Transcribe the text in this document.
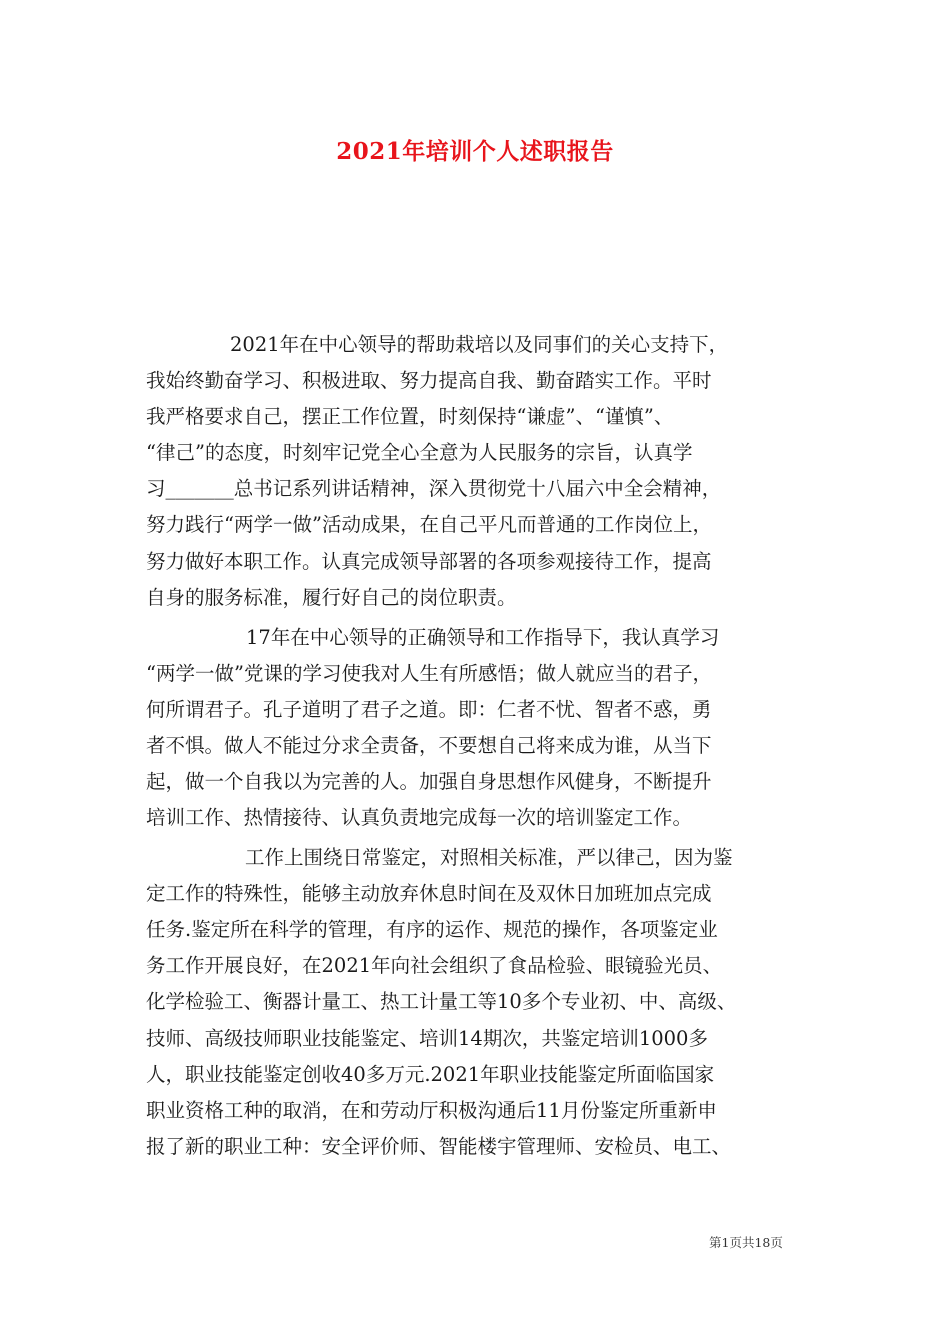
2021年培训个人述职报告
2021年在中心领导的帮助栽培以及同事们的关心支持下，
我始终勤奋学习、积极进取、努力提高自我、勤奋踏实工作。平时
我严格要求自己，摆正工作位置，时刻保持“谦虚”、“谨慎”、
“律己”的态度，时刻牢记党全心全意为人民服务的宗旨，认真学
习_______总书记系列讲话精神，深入贯彻党十八届六中全会精神，
努力践行“两学一做”活动成果，在自己平凡而普通的工作岗位上，
努力做好本职工作。认真完成领导部署的各项参观接待工作，提高
自身的服务标准，履行好自己的岗位职责。
17年在中心领导的正确领导和工作指导下，我认真学习
“两学一做”党课的学习使我对人生有所感悟；做人就应当的君子，
何所谓君子。孔子道明了君子之道。即：仁者不忧、智者不惑，勇
者不惧。做人不能过分求全责备，不要想自己将来成为谁，从当下
起，做一个自我以为完善的人。加强自身思想作风健身，不断提升
培训工作、热情接待、认真负责地完成每一次的培训鉴定工作。
工作上围绕日常鉴定，对照相关标准，严以律己，因为鉴
定工作的特殊性，能够主动放弃休息时间在及双休日加班加点完成
任务.鉴定所在科学的管理，有序的运作、规范的操作，各项鉴定业
务工作开展良好，在2021年向社会组织了食品检验、眼镜验光员、
化学检验工、衡器计量工、热工计量工等10多个专业初、中、高级、
技师、高级技师职业技能鉴定、培训14期次，共鉴定培训1000多
人，职业技能鉴定创收40多万元.2021年职业技能鉴定所面临国家
职业资格工种的取消，在和劳动厅积极沟通后11月份鉴定所重新申
报了新的职业工种：安全评价师、智能楼宇管理师、安检员、电工、
第1页共18页
